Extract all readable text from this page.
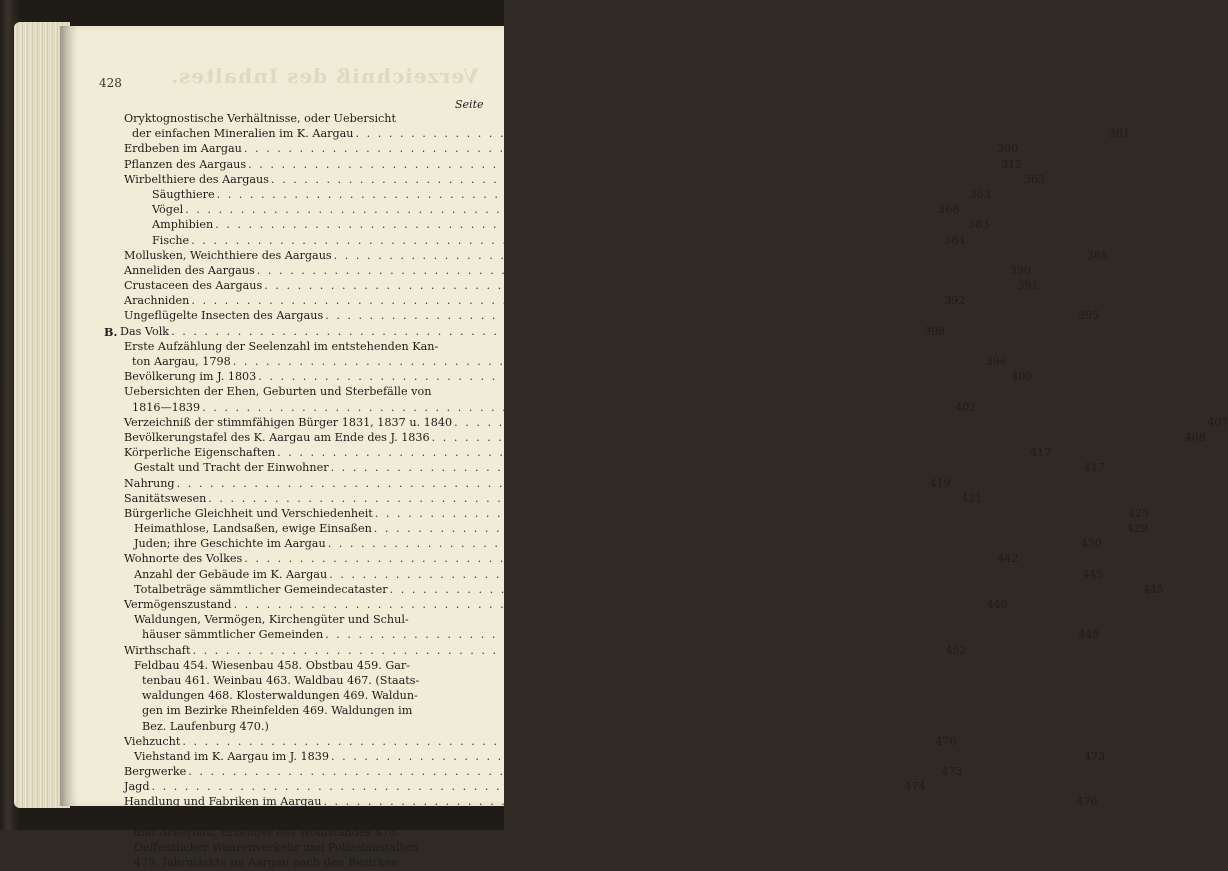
Verzeichniß des Inhaltes.
428
Seite
Oryktognostische Verhältnisse, oder Uebersicht
der einfachen Mineralien im K. Aargau . . .	301
Erdbeben im Aargau . . .	300
Pflanzen des Aargaus . . .	312
Wirbelthiere des Aargaus . . .	363
Säugthiere . . .	363
Vögel . . .	368
Amphibien . . .	383
Fische . . .	384
Mollusken, Weichthiere des Aargaus . . .	388
Anneliden des Aargaus . . .	390
Crustaceen des Aargaus . . .	391
Arachniden . . .	392
Ungeflügelte Insecten des Aargaus . . .	395
B. Das Volk . . .	398
Erste Aufzählung der Seelenzahl im entstehenden Kan-
ton Aargau, 1798 . . .	398
Bevölkerung im J. 1803 . . .	400
Uebersichten der Ehen, Geburten und Sterbefälle von
1816—1839 . . .	402
Verzeichniß der stimmfähigen Bürger 1831, 1837 u. 1840 . . .	407
Bevölkerungstafel des K. Aargau am Ende des J. 1836 . . .	408
Körperliche Eigenschaften . . .	417
Gestalt und Tracht der Einwohner . . .	417
Nahrung . . .	419
Sanitätswesen . . .	421
Bürgerliche Gleichheit und Verschiedenheit . . .	425
Heimathlose, Landsaßen, ewige Einsaßen . . .	429
Juden; ihre Geschichte im Aargau . . .	430
Wohnorte des Volkes . . .	442
Anzahl der Gebäude im K. Aargau . . .	445
Totalbeträge sämmtlicher Gemeindecataster . . .	445
Vermögenszustand . . .	446
Waldungen, Vermögen, Kirchengüter und Schul-
häuser sämmtlicher Gemeinden . . .	449
Wirthschaft . . .	452
Feldbau 454. Wiesenbau 458. Obstbau 459. Gar-
tenbau 461. Weinbau 463. Waldbau 467. (Staats-
waldungen 468. Klosterwaldungen 469. Waldun-
gen im Bezirke Rheinfelden 469. Waldungen im
Bez. Laufenburg 470.)
Viehzucht . . .	470
Viehstand im K. Aargau im J. 1839 . . .	473
Bergwerke . . .	473
Jagd . . .	474
Handlung und Fabriken im Aargau . . .	476
Anfänge einiger Gewerbsamkeit 476. Fabrikation
und Ackerbau, Erzeuger des Wohlstandes 478.
Oeffentlicher Waarenverkehr und Polizeianstalten
479. Jahrmärkte im Aargau nach den Bezirken
